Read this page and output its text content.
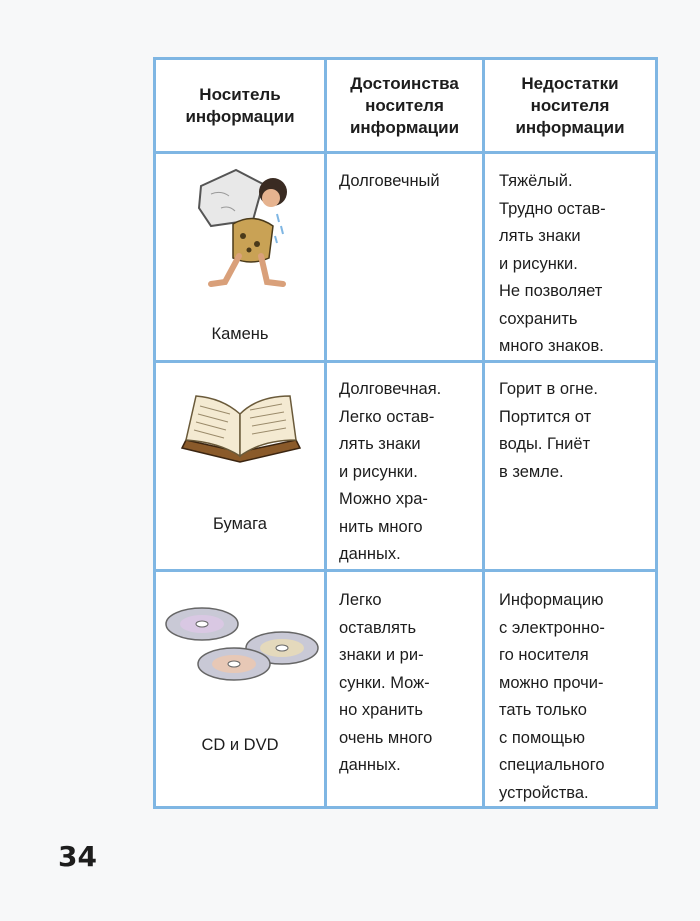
Носитель
информации
Достоинства
носителя
информации
Недостатки
носителя
информации
Камень
Долговечный	Тяжёлый.
Трудно остав-
лять знаки
и рисунки.
Не позволяет
сохранить
много знаков.
Бумага
Долговечная.
Легко остав-
лять знаки
и рисунки.
Можно хра-
нить много
данных.
Горит в огне.
Портится от
воды. Гниёт
в земле.
CD и DVD
Легко
оставлять
знаки и ри-
сунки. Мож-
но хранить
очень много
данных.
Информацию
с электронно-
го носителя
можно прочи-
тать только
с помощью
специального
устройства.
34
